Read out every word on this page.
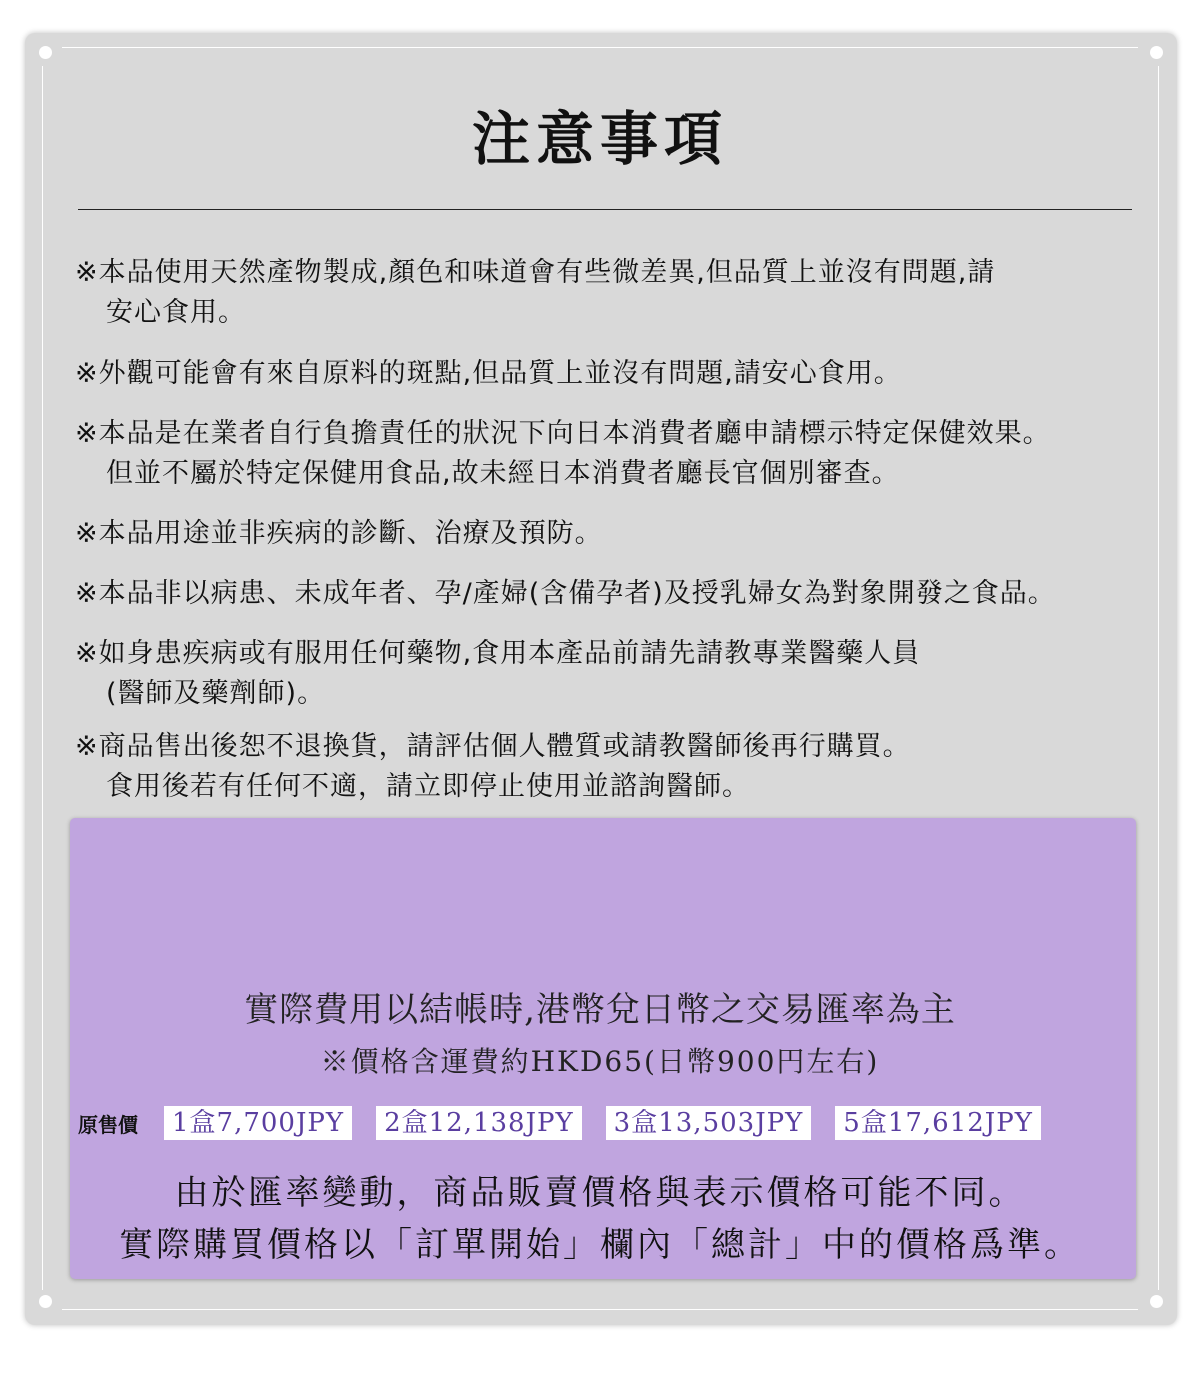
注意事項
※本品使用天然產物製成,顏色和味道會有些微差異,但品質上並沒有問題,請
安心食用。
※外觀可能會有來自原料的斑點,但品質上並沒有問題,請安心食用。
※本品是在業者自行負擔責任的狀況下向日本消費者廳申請標示特定保健效果。
但並不屬於特定保健用食品,故未經日本消費者廳長官個別審查。
※本品用途並非疾病的診斷、治療及預防。
※本品非以病患、未成年者、孕/產婦(含備孕者)及授乳婦女為對象開發之食品。
※如身患疾病或有服用任何藥物,食用本產品前請先請教專業醫藥人員
(醫師及藥劑師)。
※商品售出後恕不退換貨，請評估個人體質或請教醫師後再行購買。
食用後若有任何不適，請立即停止使用並諮詢醫師。
實際費用以結帳時,港幣兌日幣之交易匯率為主
※價格含運費約HKD65(日幣900円左右)
原售價	1盒7,700JPY	2盒12,138JPY	3盒13,503JPY	5盒17,612JPY
由於匯率變動，商品販賣價格與表示價格可能不同。
實際購買價格以「訂單開始」欄內「總計」中的價格爲準。
